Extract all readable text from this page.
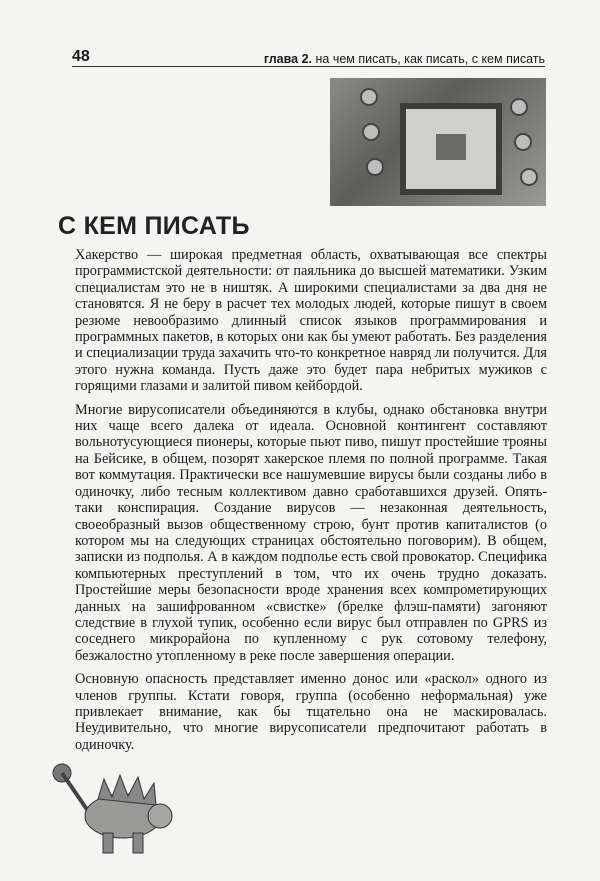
48	глава 2. на чем писать, как писать, с кем писать
С КЕМ ПИСАТЬ

Хакерство — широкая предметная область, охватывающая все спектры программистской деятельности: от паяльника до высшей математики. Узким специалистам это не в ништяк. А широкими специалистами за два дня не становятся. Я не беру в расчет тех молодых людей, которые пишут в своем резюме невообразимо длинный список языков программирования и программных пакетов, в которых они как бы умеют работать. Без разделения и специализации труда захачить что-то конкретное навряд ли получится. Для этого нужна команда. Пусть даже это будет пара небритых мужиков с горящими глазами и залитой пивом кейбордой.

Многие вирусописатели объединяются в клубы, однако обстановка внутри них чаще всего далека от идеала. Основной контингент составляют вольнотусующиеся пионеры, которые пьют пиво, пишут простейшие трояны на Бейсике, в общем, позорят хакерское племя по полной программе. Такая вот коммутация. Практически все нашумевшие вирусы были созданы либо в одиночку, либо тесным коллективом давно сработавшихся друзей. Опять-таки конспирация. Создание вирусов — незаконная деятельность, своеобразный вызов общественному строю, бунт против капиталистов (о котором мы на следующих страницах обстоятельно поговорим). В общем, записки из подполья. А в каждом подполье есть свой провокатор. Специфика компьютерных преступлений в том, что их очень трудно доказать. Простейшие меры безопасности вроде хранения всех компрометирующих данных на зашифрованном «свистке» (брелке флэш-памяти) загоняют следствие в глухой тупик, особенно если вирус был отправлен по GPRS из соседнего микрорайона по купленному с рук сотовому телефону, безжалостно утопленному в реке после завершения операции.

Основную опасность представляет именно донос или «раскол» одного из членов группы. Кстати говоря, группа (особенно неформальная) уже привлекает внимание, как бы тщательно она не маскировалась. Неудивительно, что многие вирусописатели предпочитают работать в одиночку.
